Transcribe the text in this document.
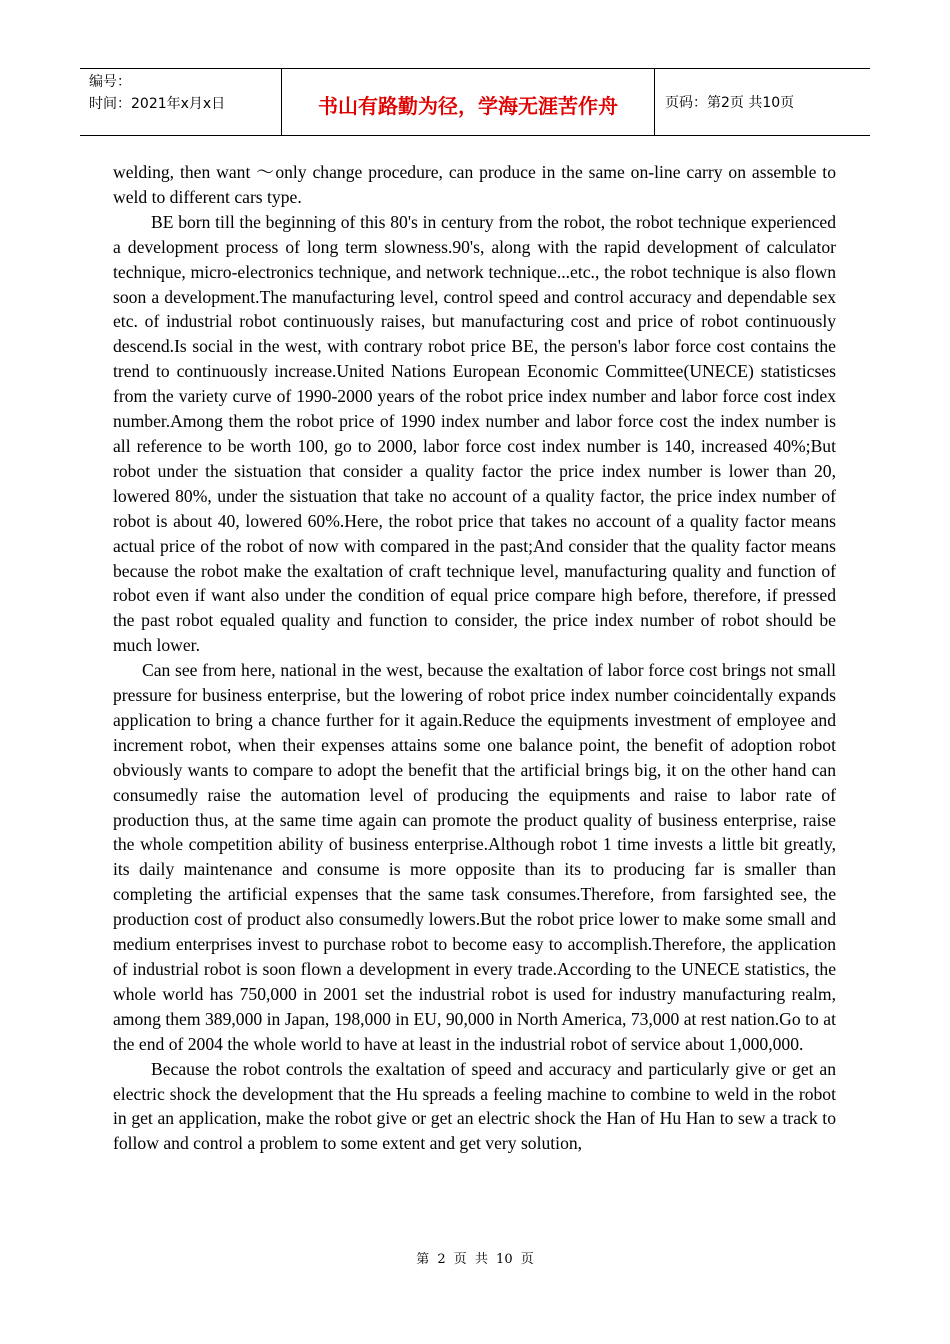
编号：
时间：2021年x月x日	书山有路勤为径，学海无涯苦作舟	页码：第2页 共10页

welding, then want ～only change procedure, can produce in the same on-line carry on assemble to weld to different cars type.

BE born till the beginning of this 80's in century from the robot, the robot technique experienced a development process of long term slowness.90's, along with the rapid development of calculator technique, micro-electronics technique, and network technique...etc., the robot technique is also flown soon a development.The manufacturing level, control speed and control accuracy and dependable sex etc. of industrial robot continuously raises, but manufacturing cost and price of robot continuously descend.Is social in the west, with contrary robot price BE, the person's labor force cost contains the trend to continuously increase.United Nations European Economic Committee(UNECE) statisticses from the variety curve of 1990-2000 years of the robot price index number and labor force cost index number.Among them the robot price of 1990 index number and labor force cost the index number is all reference to be worth 100, go to 2000, labor force cost index number is 140, increased 40%;But robot under the sistuation that consider a quality factor the price index number is lower than 20, lowered 80%, under the sistuation that take no account of a quality factor, the price index number of robot is about 40, lowered 60%.Here, the robot price that takes no account of a quality factor means actual price of the robot of now with compared in the past;And consider that the quality factor means because the robot make the exaltation of craft technique level, manufacturing quality and function of robot even if want also under the condition of equal price compare high before, therefore, if pressed the past robot equaled quality and function to consider, the price index number of robot should be much lower.

Can see from here, national in the west, because the exaltation of labor force cost brings not small pressure for business enterprise, but the lowering of robot price index number coincidentally expands application to bring a chance further for it again.Reduce the equipments investment of employee and increment robot, when their expenses attains some one balance point, the benefit of adoption robot obviously wants to compare to adopt the benefit that the artificial brings big, it on the other hand can consumedly raise the automation level of producing the equipments and raise to labor rate of production thus, at the same time again can promote the product quality of business enterprise, raise the whole competition ability of business enterprise.Although robot 1 time invests a little bit greatly, its daily maintenance and consume is more opposite than its to producing far is smaller than completing the artificial expenses that the same task consumes.Therefore, from farsighted see, the production cost of product also consumedly lowers.But the robot price lower to make some small and medium enterprises invest to purchase robot to become easy to accomplish.Therefore, the application of industrial robot is soon flown a development in every trade.According to the UNECE statistics, the whole world has 750,000 in 2001 set the industrial robot is used for industry manufacturing realm, among them 389,000 in Japan, 198,000 in EU, 90,000 in North America, 73,000 at rest nation.Go to at the end of 2004 the whole world to have at least in the industrial robot of service about 1,000,000.

Because the robot controls the exaltation of speed and accuracy and particularly give or get an electric shock the development that the Hu spreads a feeling machine to combine to weld in the robot in get an application, make the robot give or get an electric shock the Han of Hu Han to sew a track to follow and control a problem to some extent and get very solution,

第 2 页 共 10 页
